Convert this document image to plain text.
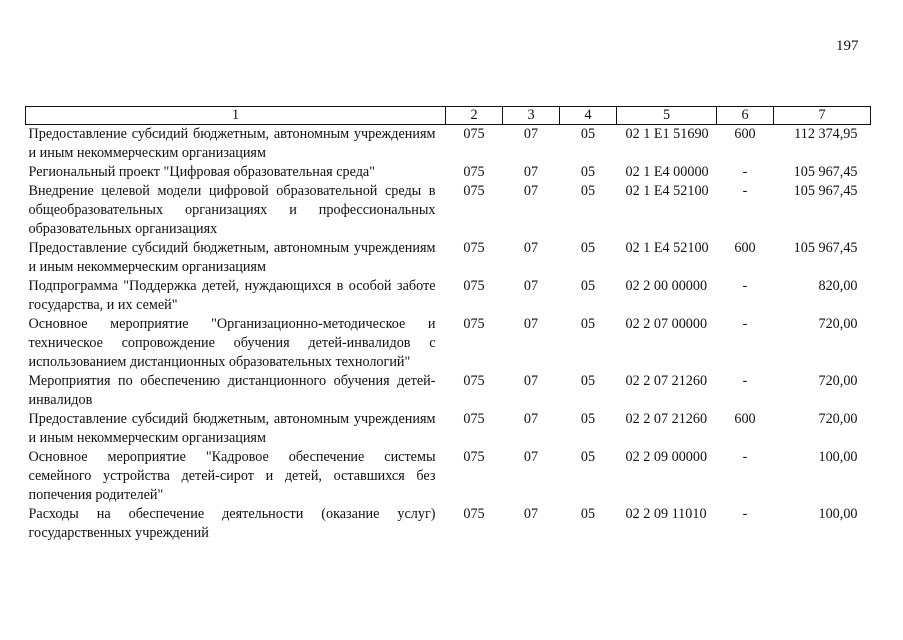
197
1	2	3	4	5	6	7
Предоставление субсидий бюджетным, автономным учреждениям и иным некоммерческим организациям	075	07	05	02 1 E1 51690	600	112 374,95
Региональный проект "Цифровая образовательная среда"	075	07	05	02 1 E4 00000	-	105 967,45
Внедрение целевой модели цифровой образовательной среды в общеобразовательных организациях и профессиональных образовательных организациях	075	07	05	02 1 E4 52100	-	105 967,45
Предоставление субсидий бюджетным, автономным учреждениям и иным некоммерческим организациям	075	07	05	02 1 E4 52100	600	105 967,45
Подпрограмма "Поддержка детей, нуждающихся в особой заботе государства, и их семей"	075	07	05	02 2 00 00000	-	820,00
Основное мероприятие "Организационно-методическое и техническое сопровождение обучения детей-инвалидов с использованием дистанционных образовательных технологий"	075	07	05	02 2 07 00000	-	720,00
Мероприятия по обеспечению дистанционного обучения детей-инвалидов	075	07	05	02 2 07 21260	-	720,00
Предоставление субсидий бюджетным, автономным учреждениям и иным некоммерческим организациям	075	07	05	02 2 07 21260	600	720,00
Основное мероприятие "Кадровое обеспечение системы семейного устройства детей-сирот и детей, оставшихся без попечения родителей"	075	07	05	02 2 09 00000	-	100,00
Расходы на обеспечение деятельности (оказание услуг) государственных учреждений	075	07	05	02 2 09 11010	-	100,00
